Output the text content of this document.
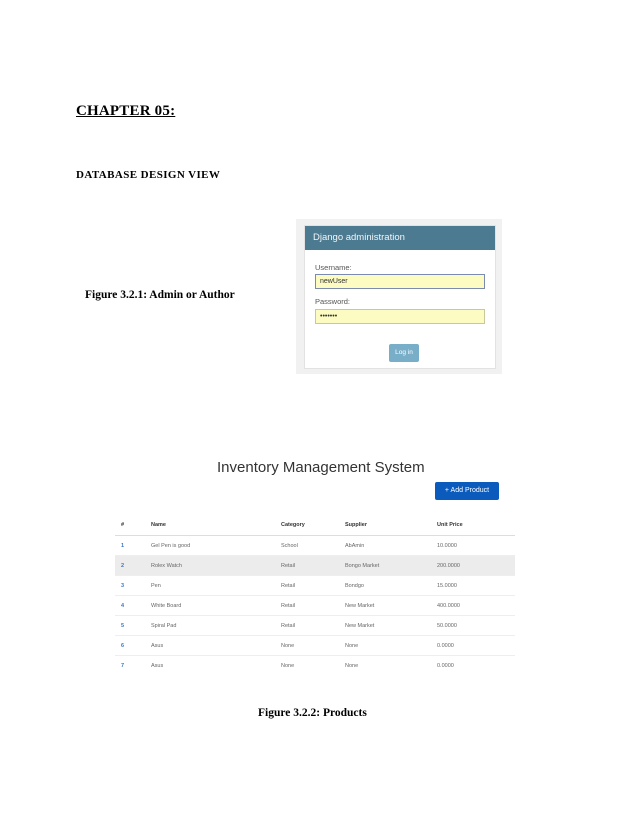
CHAPTER 05:
DATABASE DESIGN VIEW
Figure 3.2.1: Admin or Author
Django administration
Username:
newUser
Password:
•••••••
Log in
Inventory Management System
+ Add Product
#	Name	Category	Supplier	Unit Price
1	Gel Pen is good	School	AbAmin	10.0000
2	Rolex Watch	Retail	Bongo Market	200.0000
3	Pen	Retail	Bondgo	15.0000
4	White Board	Retail	New Market	400.0000
5	Spiral Pad	Retail	New Market	50.0000
6	Asus	None	None	0.0000
7	Asus	None	None	0.0000
Figure 3.2.2: Products
